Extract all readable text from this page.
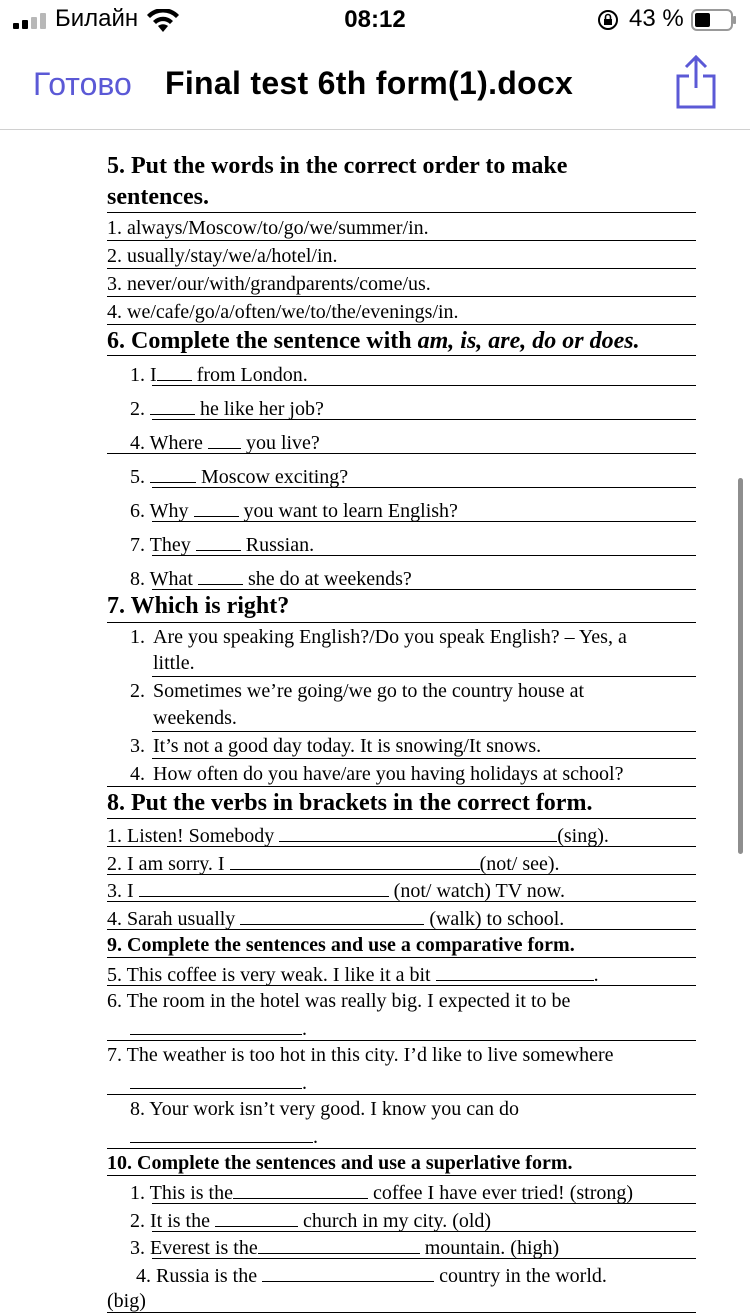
Билайн	08:12	43 %
Готово Final test 6th form(1).docx
5. Put the words in the correct order to make
sentences.
1. always/Moscow/to/go/we/summer/in.
2. usually/stay/we/a/hotel/in.
3. never/our/with/grandparents/come/us.
4. we/cafe/go/a/often/we/to/the/evenings/in.
6. Complete the sentence with am, is, are, do or does.
1. I from London.
2.  he like her job?
4. Where  you live?
5.  Moscow exciting?
6. Why  you want to learn English?
7. They  Russian.
8. What  she do at weekends?
7. Which is right?
1. Are you speaking English?/Do you speak English? – Yes, a
little.
2. Sometimes we’re going/we go to the country house at
weekends.
3. It’s not a good day today. It is snowing/It snows.
4. How often do you have/are you having holidays at school?
8. Put the verbs in brackets in the correct form.
1. Listen! Somebody	(sing).
2. I am sorry. I	(not/ see).
3. I	(not/ watch) TV now.
4. Sarah usually	(walk) to school.
9. Complete the sentences and use a comparative form.
5. This coffee is very weak. I like it a bit	.
6. The room in the hotel was really big. I expected it to be
.
7. The weather is too hot in this city. I’d like to live somewhere
.
8. Your work isn’t very good. I know you can do
.
10. Complete the sentences and use a superlative form.
1. This is the	coffee I have ever tried! (strong)
2. It is the	church in my city. (old)
3. Everest is the	mountain. (high)
4. Russia is the	country in the world.
(big)
